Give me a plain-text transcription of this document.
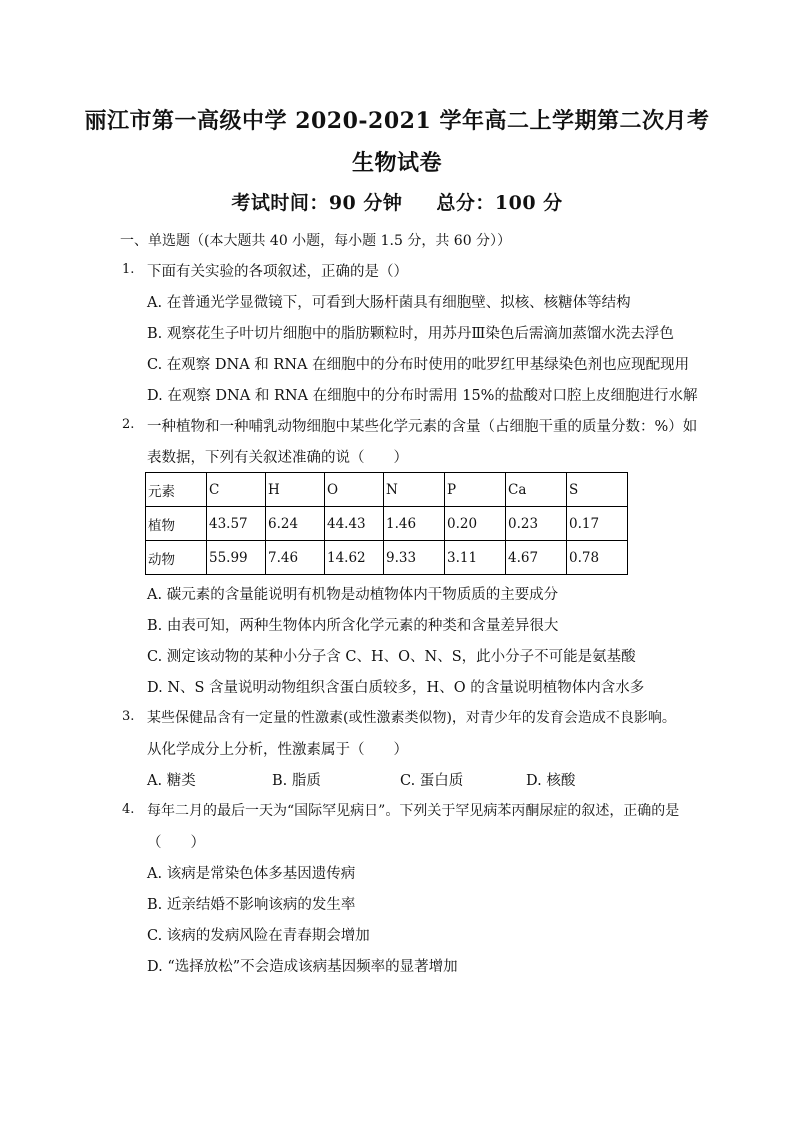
丽江市第一高级中学 2020-2021 学年高二上学期第二次月考
生物试卷
考试时间：90 分钟 总分：100 分
一、单选题（(本大题共 40 小题，每小题 1.5 分，共 60 分））
1. 下面有关实验的各项叙述，正确的是（）
A. 在普通光学显微镜下，可看到大肠杆菌具有细胞壁、拟核、核糖体等结构
B. 观察花生子叶切片细胞中的脂肪颗粒时，用苏丹Ⅲ染色后需滴加蒸馏水洗去浮色
C. 在观察 DNA 和 RNA 在细胞中的分布时使用的吡罗红甲基绿染色剂也应现配现用
D. 在观察 DNA 和 RNA 在细胞中的分布时需用 15%的盐酸对口腔上皮细胞进行水解
2. 一种植物和一种哺乳动物细胞中某些化学元素的含量（占细胞干重的质量分数：%）如
表数据，下列有关叙述准确的说（　　）
元素	C	H	O	N	P	Ca	S
植物	43.57	6.24	44.43	1.46	0.20	0.23	0.17
动物	55.99	7.46	14.62	9.33	3.11	4.67	0.78
A. 碳元素的含量能说明有机物是动植物体内干物质质的主要成分
B. 由表可知，两种生物体内所含化学元素的种类和含量差异很大
C. 测定该动物的某种小分子含 C、H、O、N、S，此小分子不可能是氨基酸
D. N、S 含量说明动物组织含蛋白质较多，H、O 的含量说明植物体内含水多
3. 某些保健品含有一定量的性激素(或性激素类似物)，对青少年的发育会造成不良影响。
从化学成分上分析，性激素属于（　　）
A. 糖类	B. 脂质	C. 蛋白质	D. 核酸
4. 每年二月的最后一天为“国际罕见病日”。下列关于罕见病苯丙酮尿症的叙述，正确的是
（　　）
A. 该病是常染色体多基因遗传病
B. 近亲结婚不影响该病的发生率
C. 该病的发病风险在青春期会增加
D. “选择放松”不会造成该病基因频率的显著增加
